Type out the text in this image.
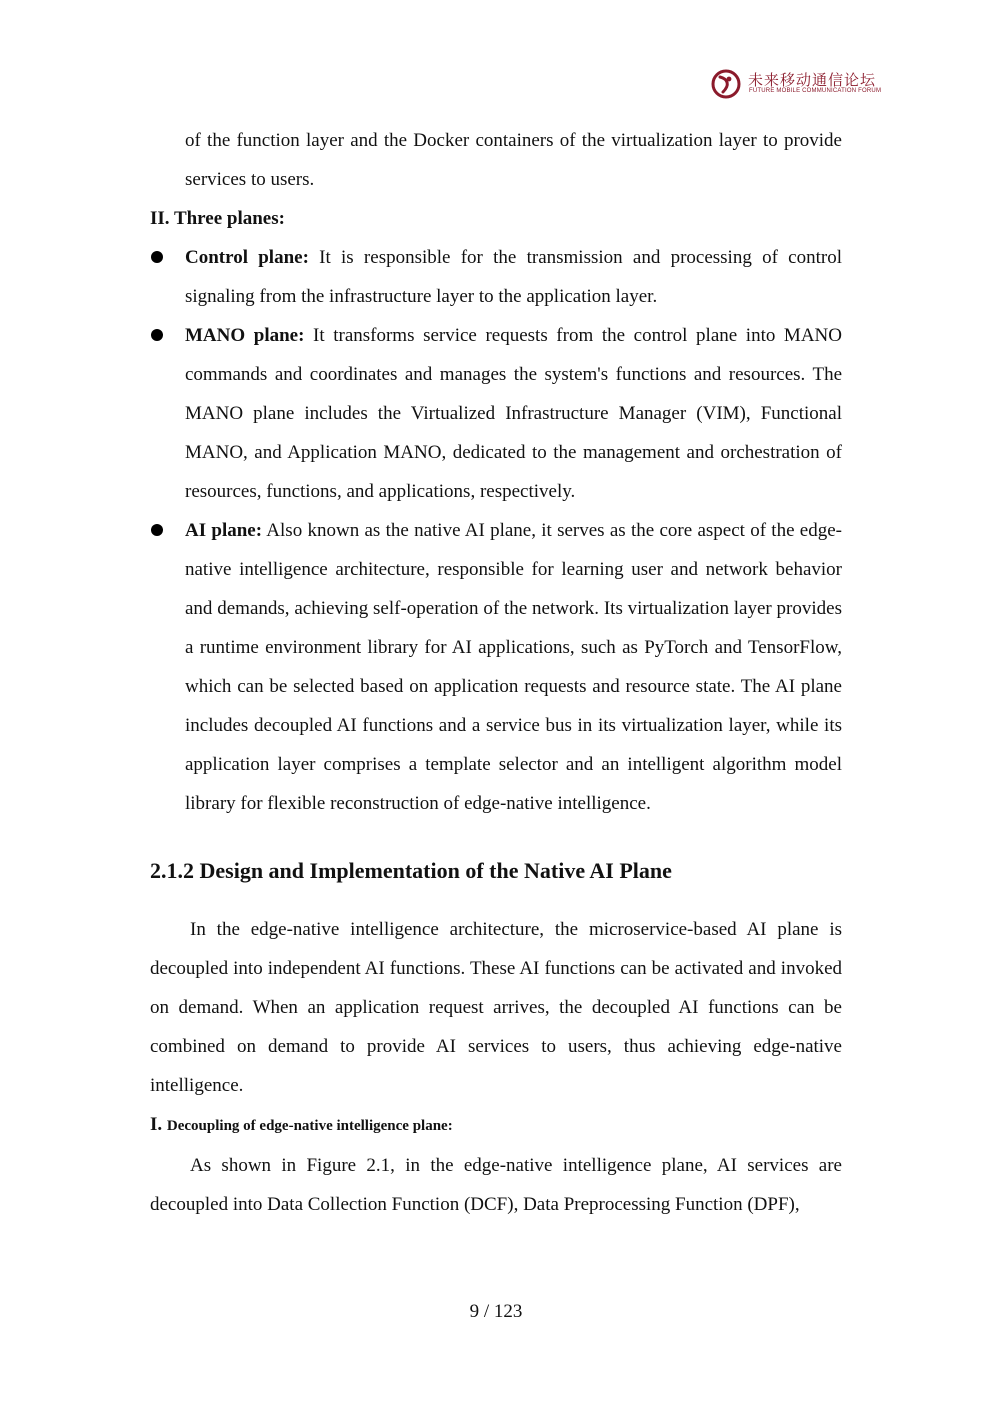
未来移动通信论坛
FUTURE MOBILE COMMUNICATION FORUM

of the function layer and the Docker containers of the virtualization layer to provide services to users.

II. Three planes:

Control plane: It is responsible for the transmission and processing of control signaling from the infrastructure layer to the application layer.

MANO plane: It transforms service requests from the control plane into MANO commands and coordinates and manages the system's functions and resources. The MANO plane includes the Virtualized Infrastructure Manager (VIM), Functional MANO, and Application MANO, dedicated to the management and orchestration of resources, functions, and applications, respectively.

AI plane: Also known as the native AI plane, it serves as the core aspect of the edge-native intelligence architecture, responsible for learning user and network behavior and demands, achieving self-operation of the network. Its virtualization layer provides a runtime environment library for AI applications, such as PyTorch and TensorFlow, which can be selected based on application requests and resource state. The AI plane includes decoupled AI functions and a service bus in its virtualization layer, while its application layer comprises a template selector and an intelligent algorithm model library for flexible reconstruction of edge-native intelligence.

2.1.2 Design and Implementation of the Native AI Plane

In the edge-native intelligence architecture, the microservice-based AI plane is decoupled into independent AI functions. These AI functions can be activated and invoked on demand. When an application request arrives, the decoupled AI functions can be combined on demand to provide AI services to users, thus achieving edge-native intelligence.

I. Decoupling of edge-native intelligence plane:

As shown in Figure 2.1, in the edge-native intelligence plane, AI services are decoupled into Data Collection Function (DCF), Data Preprocessing Function (DPF),

9 / 123
